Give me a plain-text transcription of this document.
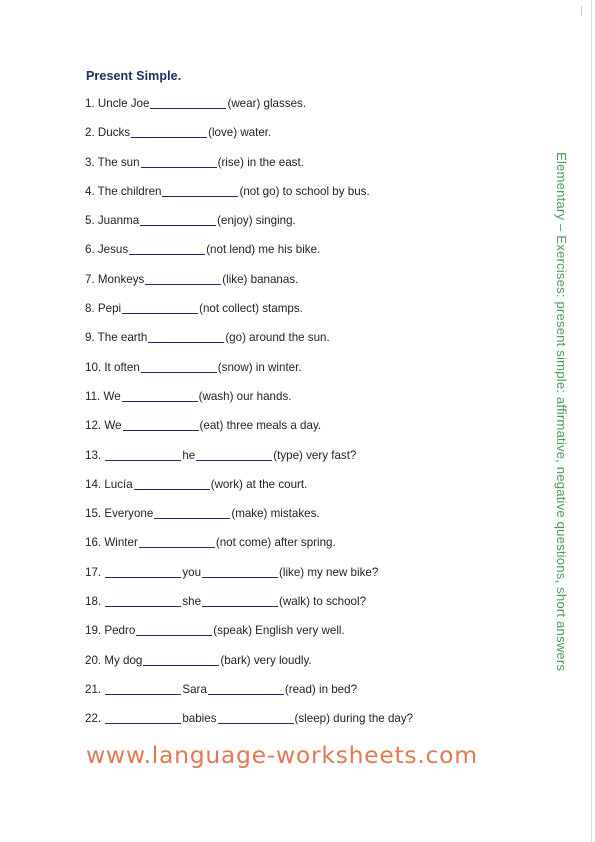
Present Simple.
1. Uncle Joe	(wear) glasses.
2. Ducks	(love) water.
3. The sun	(rise) in the east.
4. The children	(not go) to school by bus.
5. Juanma	(enjoy) singing.
6. Jesus	(not lend) me his bike.
7. Monkeys	(like) bananas.
8. Pepi	(not collect) stamps.
9. The earth	(go) around the sun.
10. It often	(snow) in winter.
11. We	(wash) our hands.
12. We	(eat) three meals a day.
13.	he	(type) very fast?
14. Lucía	(work) at the court.
15. Everyone	(make) mistakes.
16. Winter	(not come) after spring.
17.	you	(like) my new bike?
18.	she	(walk) to school?
19. Pedro	(speak) English very well.
20. My dog	(bark) very loudly.
21.	Sara	(read) in bed?
22.	babies	(sleep) during the day?
Elementary – Exercises: present simple: affirmative, negative questions, short answers
www.language-worksheets.com
